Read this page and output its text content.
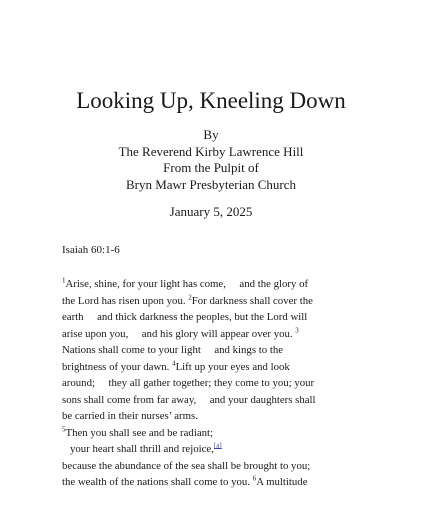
Looking Up, Kneeling Down
By
The Reverend Kirby Lawrence Hill
From the Pulpit of
Bryn Mawr Presbyterian Church
January 5, 2025
Isaiah 60:1-6
$^1$Arise, shine, for your light has come,     and the glory of
the Lord has risen upon you. $^2$For darkness shall cover the
earth     and thick darkness the peoples, but the Lord will
arise upon you,     and his glory will appear over you. $^3$
Nations shall come to your light     and kings to the
brightness of your dawn. $^4$Lift up your eyes and look
around;     they all gather together; they come to you; your
sons shall come from far away,     and your daughters shall
be carried in their nurses’ arms.
$^5$Then you shall see and be radiant;
your heart shall thrill and rejoice,[a]
because the abundance of the sea shall be brought to you;
the wealth of the nations shall come to you. $^6$A multitude
